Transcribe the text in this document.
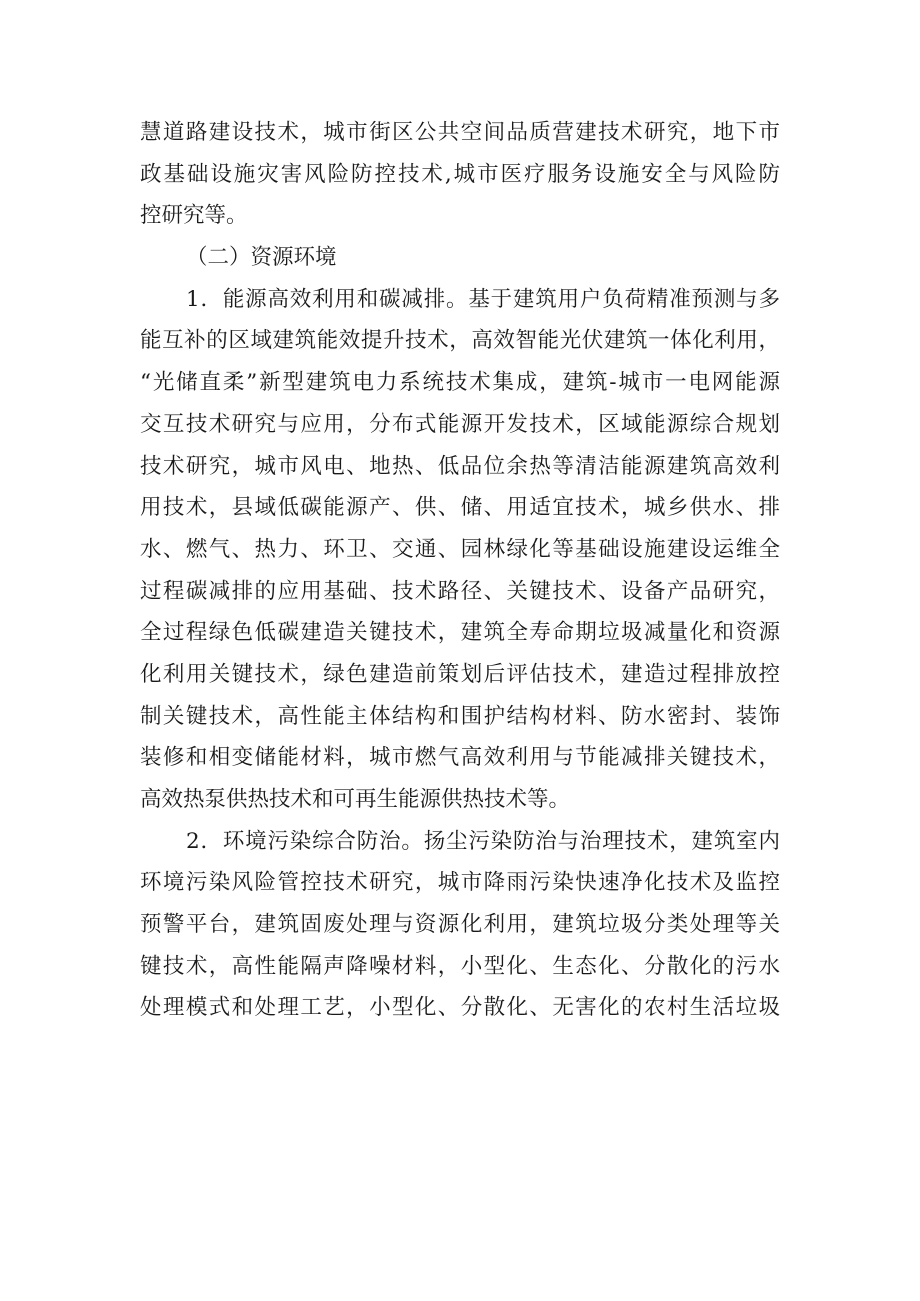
慧道路建设技术，城市街区公共空间品质营建技术研究，地下市
政基础设施灾害风险防控技术,城市医疗服务设施安全与风险防
控研究等。
（二）资源环境
1．能源高效利用和碳减排。基于建筑用户负荷精准预测与多
能互补的区域建筑能效提升技术，高效智能光伏建筑一体化利用，
“光储直柔”新型建筑电力系统技术集成，建筑-城市一电网能源
交互技术研究与应用，分布式能源开发技术，区域能源综合规划
技术研究，城市风电、地热、低品位余热等清洁能源建筑高效利
用技术，县域低碳能源产、供、储、用适宜技术，城乡供水、排
水、燃气、热力、环卫、交通、园林绿化等基础设施建设运维全
过程碳减排的应用基础、技术路径、关键技术、设备产品研究，
全过程绿色低碳建造关键技术，建筑全寿命期垃圾减量化和资源
化利用关键技术，绿色建造前策划后评估技术，建造过程排放控
制关键技术，高性能主体结构和围护结构材料、防水密封、装饰
装修和相变储能材料，城市燃气高效利用与节能减排关键技术，
高效热泵供热技术和可再生能源供热技术等。
2．环境污染综合防治。扬尘污染防治与治理技术，建筑室内
环境污染风险管控技术研究，城市降雨污染快速净化技术及监控
预警平台，建筑固废处理与资源化利用，建筑垃圾分类处理等关
键技术，高性能隔声降噪材料，小型化、生态化、分散化的污水
处理模式和处理工艺，小型化、分散化、无害化的农村生活垃圾
